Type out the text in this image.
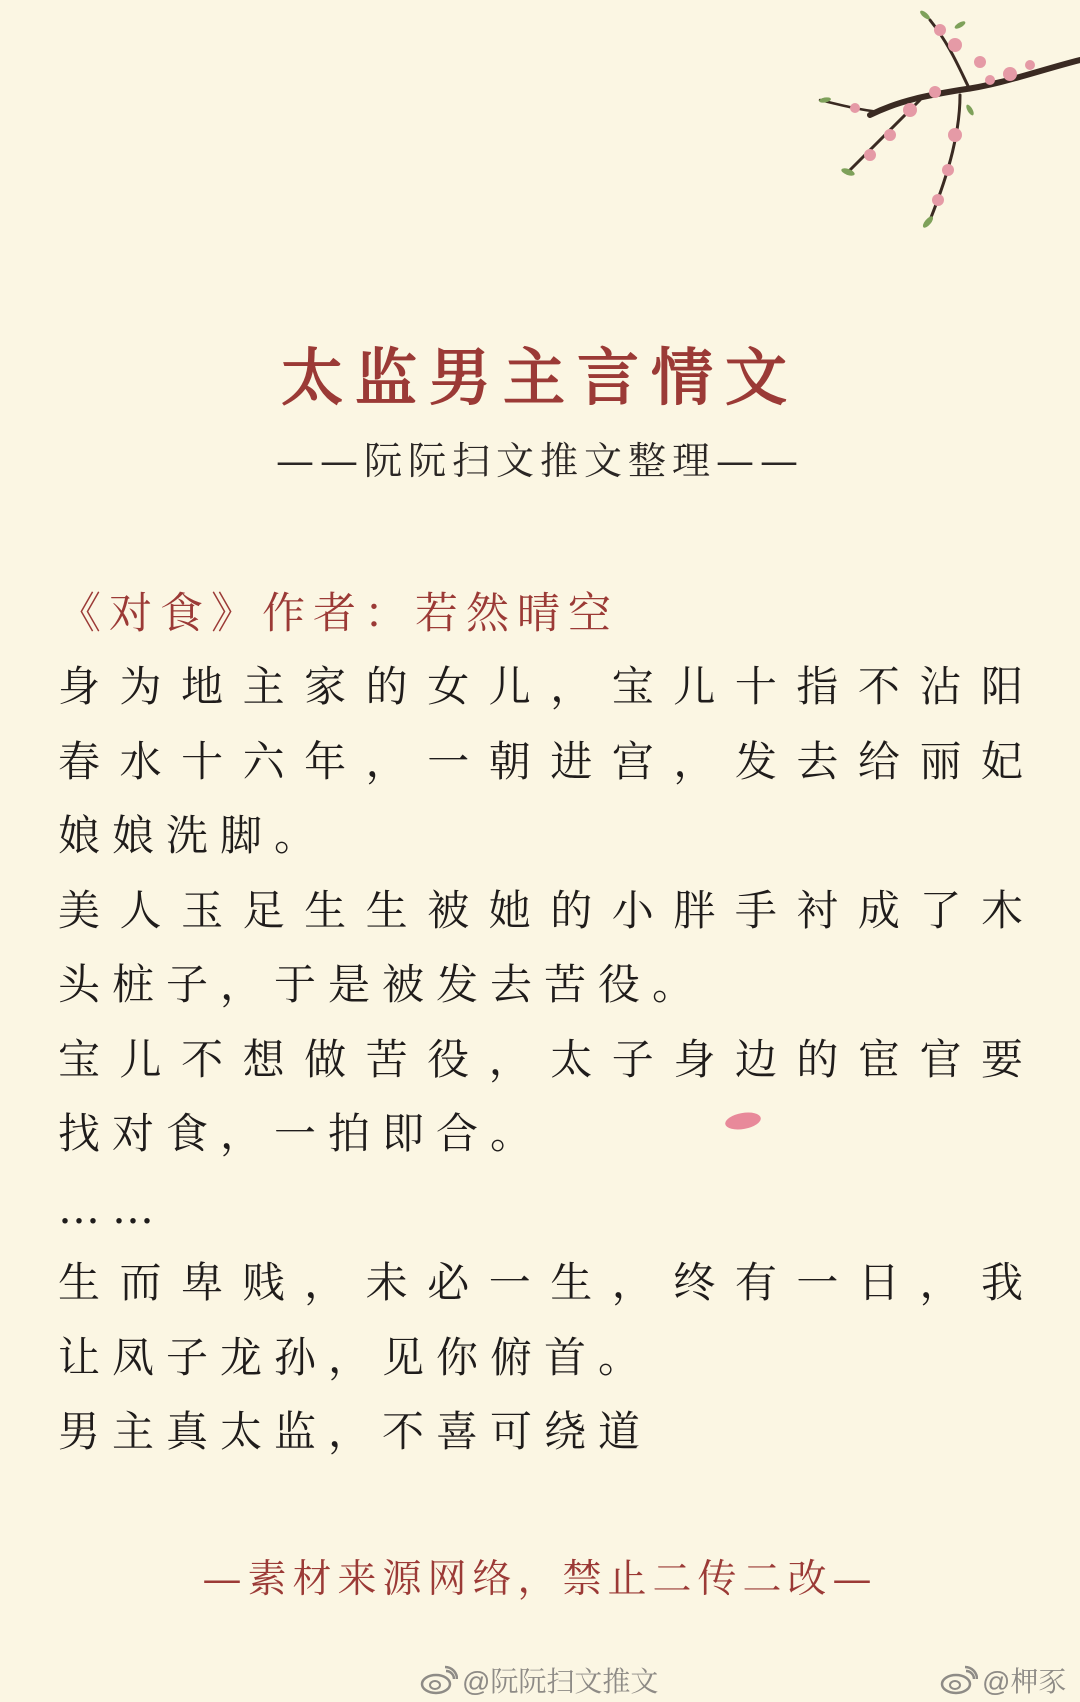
太监男主言情文
——阮阮扫文推文整理——
《对食》作者：若然晴空
身为地主家的女儿，宝儿十指不沾阳
春水十六年，一朝进宫，发去给丽妃
娘娘洗脚。
美人玉足生生被她的小胖手衬成了木
头桩子，于是被发去苦役。
宝儿不想做苦役，太子身边的宦官要
找对食，一拍即合。
……
生而卑贱，未必一生，终有一日，我
让凤子龙孙，见你俯首。
男主真太监，不喜可绕道
—素材来源网络，禁止二传二改—
@阮阮扫文推文	@柙豕
